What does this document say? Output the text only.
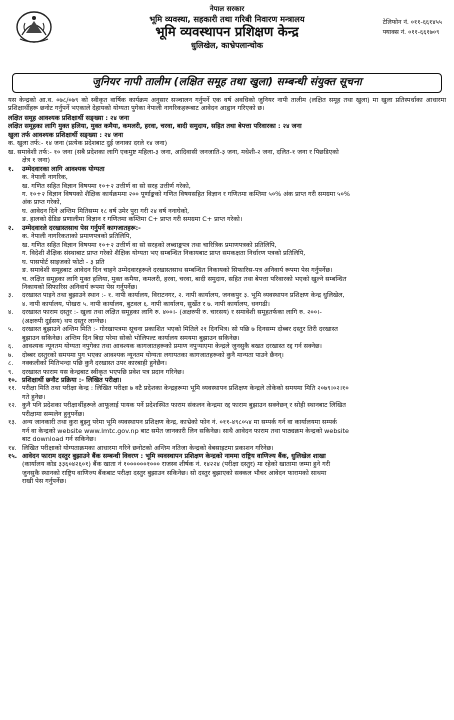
नेपाल सरकार
भूमि व्यवस्था, सहकारी तथा गरिबी निवारण मन्त्रालय
भूमि व्यवस्थापन प्रशिक्षण केन्द्र
धुलिखेल, काभ्रेपलान्चोक
टेलिफोन नं. ०११-६६१४५५
फ्याक्स नं. ०११-६६१७०९
जुनियर नापी तालीम (लक्षित समूह तथा खुला) सम्बन्धी संयुक्त सूचना
यस केन्द्रको आ.व. ०७८/०७९ को स्वीकृत वार्षिक कार्यक्रम अनुसार सञ्चालन गर्नुपर्ने एक वर्ष अवधिको जुनियर नापी तालीम (लक्षित समूह तथा खुला) मा खुला प्रतिस्पर्धाका आधारमा प्रशिक्षार्थीहरू छनोट गर्नुपर्ने भएकाले देहायको योग्यता पुगेका नेपाली नागरिकहरूबाट आवेदन आह्वान गरिएको छ।
लक्षित समूह आवश्यक प्रशिक्षार्थी सङ्ख्या : २४ जना
लक्षित समूहका लागि मुक्त हलिया, मुक्त कमैया, कमलरी, हरवा, चरवा, बादी समुदाय, सहित तथा बेपत्ता परिवारका : २४ जना
खुला तर्फ आवश्यक प्रशिक्षार्थी सङ्ख्या : २४ जना
क. खुला तर्फ:- १४ जना (प्रत्येक प्रदेशबाट दुई जनाका दरले १४ जना)
ख. समावेशी तर्फ:- १० जना (सबै प्रदेशका लागि एकमुष्ट महिला-३ जना, आदिवासी जनजाति-३ जना, मधेशी-२ जना, दलित-१ जना र पिछडिएको
क्षेत्र १ जना)
१.	उम्मेदवारका लागि आवश्यक योग्यता
क. नेपाली नागरिक,
ख. गणित सहित विज्ञान विषयमा १०+२ उत्तीर्ण वा सो सरह उत्तीर्ण गरेको,
ग. १०+२ विज्ञान विषयको शैक्षिक कार्यक्रममा २०० पूर्णाङ्कको गणित विषयसहित विज्ञान र गणितमा कम्तिमा ५०% अंक प्राप्त गरी समग्रमा ५०%
अंक प्राप्त गरेको,
घ. आवेदन दिने अन्तिम मितिसम्म १८ वर्ष उमेर पुरा गरी २४ वर्ष ननाघेको,
ङ. हालको ग्रेडिङ प्रणालीमा विज्ञान र गणितमा कम्तिमा C+ प्राप्त गरी समग्रमा C+ प्राप्त गरेको।
२.	उम्मेदवारले दरखास्तसाथ पेस गर्नुपर्ने कागजातहरू:-
क. नेपाली नागरिकताको प्रमाणपत्रको प्रतिलिपि,
ख. गणित सहित विज्ञान विषयमा १०+२ उत्तीर्ण वा सो सरहको लब्धाङ्कपत्र तथा चारित्रिक प्रमाणपत्रको प्रतिलिपि,
ग. विदेशी शैक्षिक संस्थाबाट प्राप्त गरेको शैक्षिक योग्यता भए सम्बन्धित निकायबाट प्राप्त समकक्षता निर्धारण पत्रको प्रतिलिपि,
घ. पासपोर्ट साइजको फोटो - ३ प्रति
ङ. समावेशी समूहबाट आवेदन दिन चाहने उम्मेदवारहरूले दरखास्तसाथ सम्बन्धित निकायको सिफारिस-पत्र अनिवार्य रूपमा पेस गर्नुपर्नेछ।
च. लक्षित समूहका लागि मुक्त हलिया, मुक्त कमैया, कमलरी, हरवा, चरवा, बादी समुदाय, सहित तथा बेपत्ता परिवारको भएको खुल्ने सम्बन्धित
निकायको सिफारिस अनिवार्य रूपमा पेस गर्नुपर्नेछ।
३.	दरखास्त पाइने तथा बुझाउने स्थान :- १. नापी कार्यालय, विराटनगर, २. नापी कार्यालय, जनकपुर ३. भूमि व्यवस्थापन प्रशिक्षण केन्द्र धुलिखेल,
४. नापी कार्यालय, पोखरा ५. नापी कार्यालय, बुटवल ६. नापी कार्यालय, सुर्खेत र ७. नापी कार्यालय, धनगढी।
४.	दरखास्त फाराम दस्तुर :- खुला तथा लक्षित समूहका लागि रु. ४००।- (अक्षरुपी रु. चारसय) र समावेशी समूहतर्फका लागि रु. २००।-
(अक्षरुपी दुईसय) थप दस्तुर लाग्नेछ।
५.	दरखास्त बुझाउने अन्तिम मिति :- गोरखापत्रमा सूचना प्रकाशित भएको मितिले २१ दिनभित्र। सो पछि ७ दिनसम्म दोब्बर दस्तुर तिरी दरखास्त
बुझाउन सकिनेछ। अन्तिम दिन बिदा परेमा सोको भोलिपल्ट कार्यालय समयमा बुझाउन सकिनेछ।
६.	आवश्यक न्यूनतम योग्यता नपुगेका तथा आवश्यक कागजातहरूको प्रमाण नपुऱ्याएमा केन्द्रले जुनसुकै बखत दरखास्त रद्द गर्न सक्नेछ।
७.	दोब्बर दस्तुरको समयमा पुग भएका आवश्यक न्यूनतम योग्यता लगायतका कागजातहरूको कुनै मान्यता पाउने छैनन्।
८.	नक्कलीको मितिभन्दा पछि कुनै दरखास्त उपर कारबाही हुनेछैन।
९.	दरखास्त फाराम यस केन्द्रबाट स्वीकृत भएपछि प्रवेश पत्र प्रदान गरिनेछ।
१०. प्रशिक्षार्थी छनौट प्रक्रिया :- लिखित परीक्षा।
११. परीक्षा मिति तथा परीक्षा केन्द्र : लिखित परीक्षा ७ वटै प्रदेशका केन्द्रहरूमा भूमि व्यवस्थापन प्रशिक्षण केन्द्रले तोकेको समयमा मिति २०७९।०२।१०
गते हुनेछ।
१२. कुनै पनि प्रदेशका परीक्षार्थीहरूले आफूलाई पायक पर्ने प्रदेशस्थित फाराम संकलन केन्द्रमा रद्द फाराम बुझाउन सक्नेछन् र सोही स्थानबाट लिखित
परीक्षामा सम्मलेन हुनुपर्नेछ।
१३. अन्य जानकारी तथा कुरा बुझ्नु परेमा भूमि व्यवस्थापन प्रशिक्षण केन्द्र, काभ्रेको फोन नं. ०११-४९८०५४ मा सम्पर्क गर्न वा कार्यालयमा सम्पर्क
गर्न वा केन्द्रको website www.lmtc.gov.np बाट समेत जानकारी लिन सकिनेछ। साथै आवेदन फाराम तथा पाठ्यक्रम केन्द्रको website
बाट download गर्न सकिनेछ।
१४. लिखित परीक्षाको योग्यताक्रमका आधारमा गरिने छनोटको अन्तिम नतिजा केन्द्रको वेबसाइटमा प्रकाशन गरिनेछ।
१५. आवेदन फाराम दस्तुर बुझाउने बैंक सम्बन्धी विवरण : भूमि व्यवस्थापन प्रशिक्षण केन्द्रको नाममा राष्ट्रिय वाणिज्य बैंक, धुलिखेल शाखा
(कार्यालय कोड ३३६०४२६०१) बैंक खाता नं १००००००१००० राजस्व शीर्षक नं. १४२२४ (परीक्षा दस्तुर) मा रहेको खातामा जम्मा हुने गरी
जुनसुकै स्थानको राष्ट्रिय वाणिज्य बैंकबाट परीक्षा दस्तुर बुझाउन सकिनेछ। सो दस्तुर बुझाएको सक्कल भौचर आवेदन फारामको साथमा
राखी पेस गर्नुपर्नेछ।
